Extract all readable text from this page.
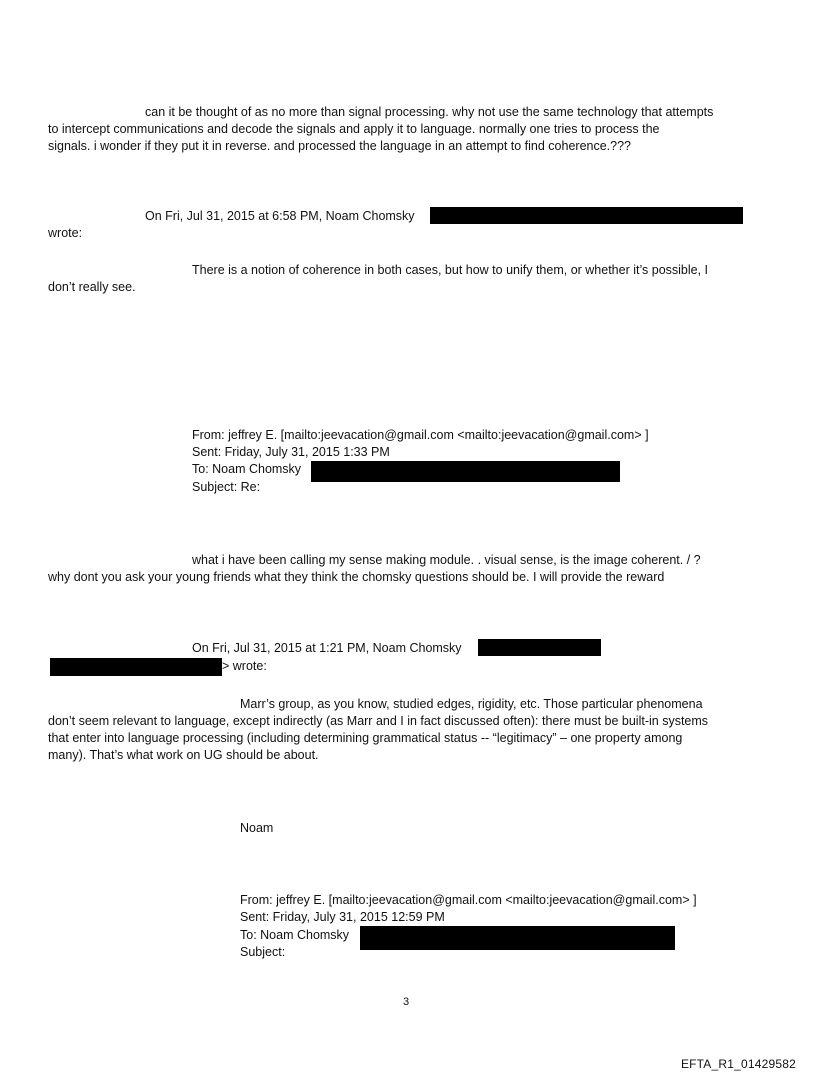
can it be thought of as no more than signal processing. why not use the same technology that attempts
to intercept communications and decode the signals and apply it to language. normally one tries to process the
signals. i wonder if they put it in reverse. and processed the language in an attempt to find coherence.???
On Fri, Jul 31, 2015 at 6:58 PM, Noam Chomsky
wrote:
There is a notion of coherence in both cases, but how to unify them, or whether it’s possible, I
don’t really see.
From: jeffrey E. [mailto:jeevacation@gmail.com <mailto:jeevacation@gmail.com> ]
Sent: Friday, July 31, 2015 1:33 PM
To: Noam Chomsky
Subject: Re:
what i have been calling my sense making module. . visual sense, is the image coherent. / ?
why dont you ask your young friends what they think the chomsky questions should be. I will provide the reward
On Fri, Jul 31, 2015 at 1:21 PM, Noam Chomsky
> wrote:
Marr’s group, as you know, studied edges, rigidity, etc. Those particular phenomena
don’t seem relevant to language, except indirectly (as Marr and I in fact discussed often): there must be built-in systems
that enter into language processing (including determining grammatical status -- “legitimacy” – one property among
many). That’s what work on UG should be about.
Noam
From: jeffrey E. [mailto:jeevacation@gmail.com <mailto:jeevacation@gmail.com> ]
Sent: Friday, July 31, 2015 12:59 PM
To: Noam Chomsky
Subject:
3
EFTA_R1_01429582
